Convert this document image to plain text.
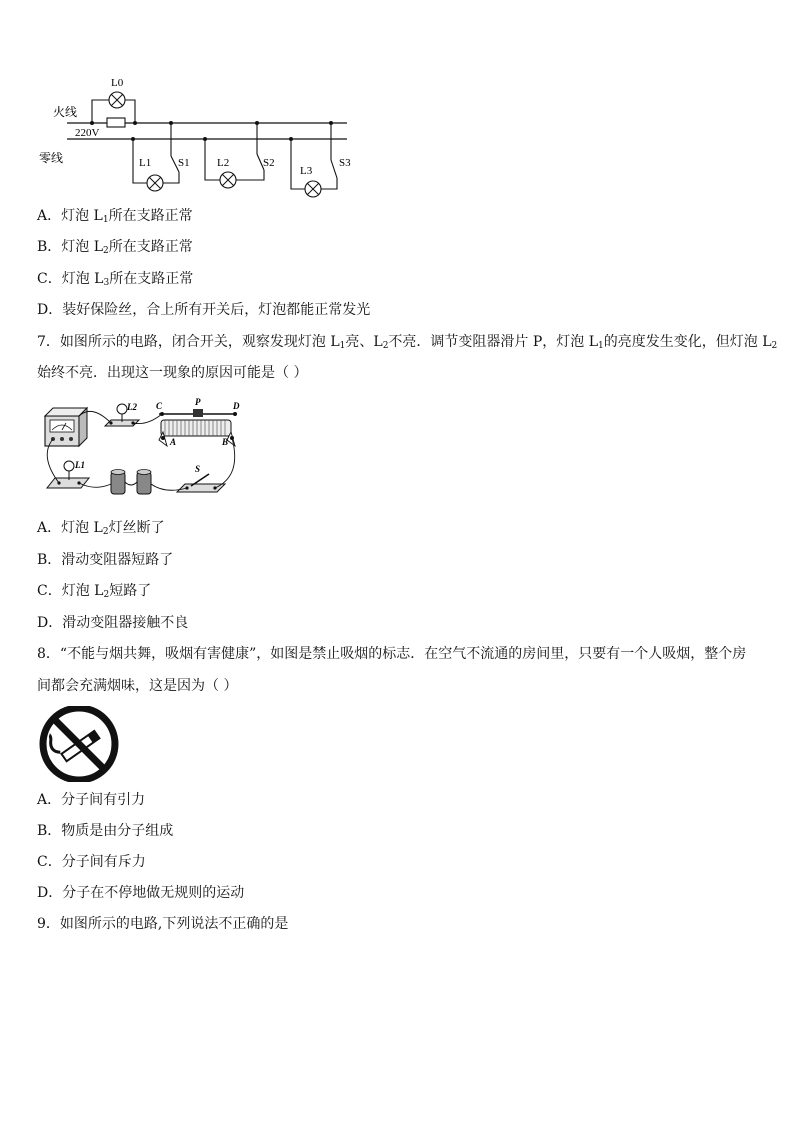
火线
零线
220V
L0
L1 S1 L2	S2
L3
S3
A．灯泡 $L_1$所在支路正常
B．灯泡 $L_2$所在支路正常
C．灯泡 $L_3$所在支路正常
D．装好保险丝，合上所有开关后，灯泡都能正常发光
7．如图所示的电路，闭合开关，观察发现灯泡 $L_1$亮、$L_2$不亮．调节变阻器滑片 P，灯泡 $L_1$的亮度发生变化，但灯泡 $L_2$
始终不亮．出现这一现象的原因可能是（ ）
L2 C	P	D
A	B
L1	S
A．灯泡 $L_2$灯丝断了
B．滑动变阻器短路了
C．灯泡 $L_2$短路了
D．滑动变阻器接触不良
8．“不能与烟共舞，吸烟有害健康”，如图是禁止吸烟的标志．在空气不流通的房间里，只要有一个人吸烟，整个房
间都会充满烟味，这是因为（ ）
A．分子间有引力
B．物质是由分子组成
C．分子间有斥力
D．分子在不停地做无规则的运动
9．如图所示的电路,下列说法不正确的是
